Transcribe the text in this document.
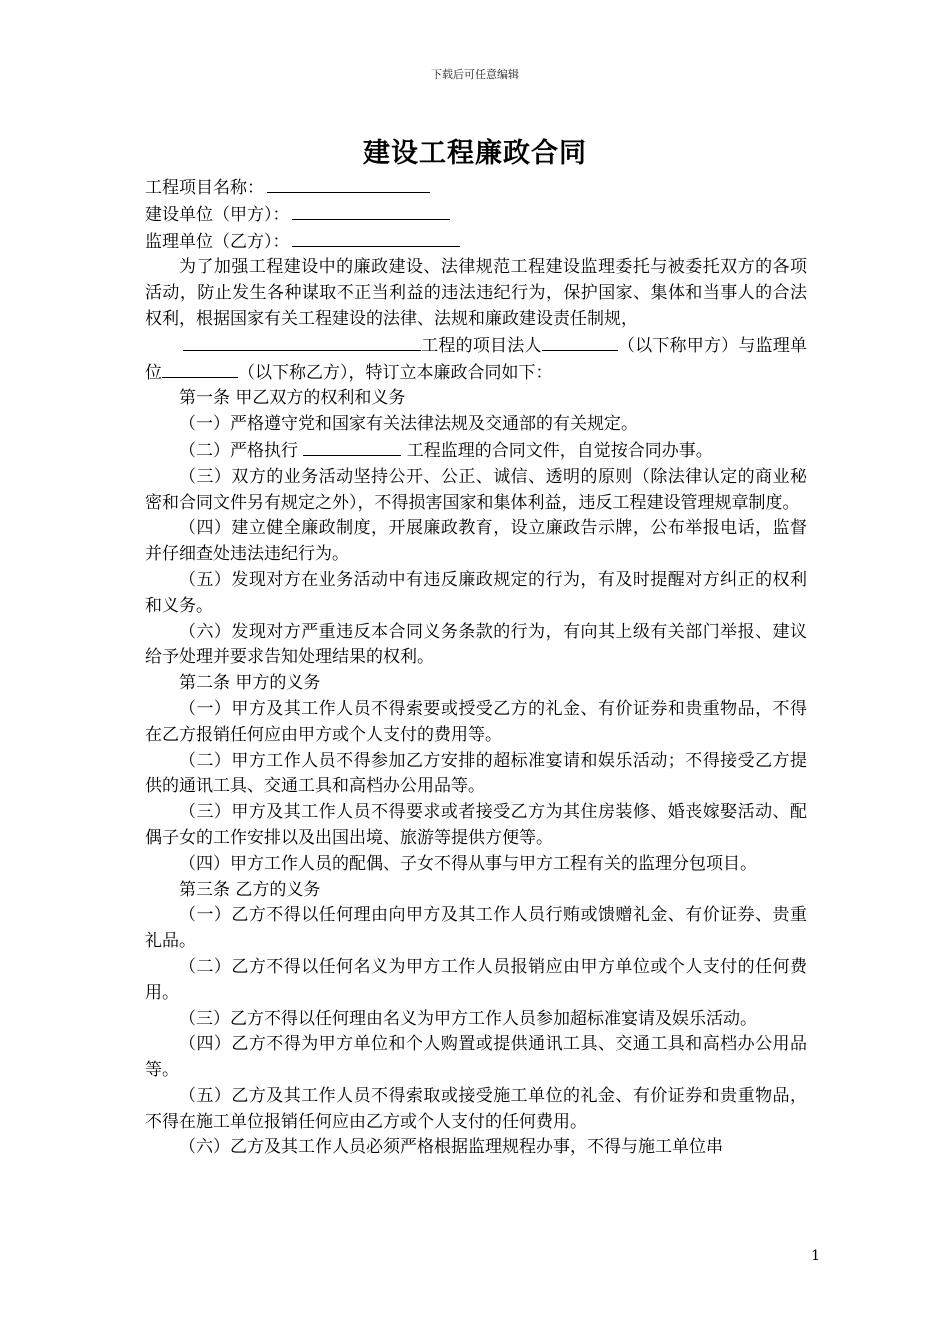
下载后可任意编辑
建设工程廉政合同
工程项目名称：
建设单位（甲方）：
监理单位（乙方）：
为了加强工程建设中的廉政建设、法律规范工程建设监理委托与被委托双方的各项活动，防止发生各种谋取不正当利益的违法违纪行为，保护国家、集体和当事人的合法权利，根据国家有关工程建设的法律、法规和廉政建设责任制规，
工程的项目法人	（以下称甲方）与监理单位	（以下称乙方），特订立本廉政合同如下：
第一条 甲乙双方的权利和义务
（一）严格遵守党和国家有关法律法规及交通部的有关规定。
（二）严格执行	工程监理的合同文件，自觉按合同办事。
（三）双方的业务活动坚持公开、公正、诚信、透明的原则（除法律认定的商业秘密和合同文件另有规定之外），不得损害国家和集体利益，违反工程建设管理规章制度。
（四）建立健全廉政制度，开展廉政教育，设立廉政告示牌，公布举报电话，监督并仔细查处违法违纪行为。
（五）发现对方在业务活动中有违反廉政规定的行为，有及时提醒对方纠正的权利和义务。
（六）发现对方严重违反本合同义务条款的行为，有向其上级有关部门举报、建议给予处理并要求告知处理结果的权利。
第二条 甲方的义务
（一）甲方及其工作人员不得索要或授受乙方的礼金、有价证券和贵重物品，不得在乙方报销任何应由甲方或个人支付的费用等。
（二）甲方工作人员不得参加乙方安排的超标准宴请和娱乐活动；不得接受乙方提供的通讯工具、交通工具和高档办公用品等。
（三）甲方及其工作人员不得要求或者接受乙方为其住房装修、婚丧嫁娶活动、配偶子女的工作安排以及出国出境、旅游等提供方便等。
（四）甲方工作人员的配偶、子女不得从事与甲方工程有关的监理分包项目。
第三条 乙方的义务
（一）乙方不得以任何理由向甲方及其工作人员行贿或馈赠礼金、有价证券、贵重礼品。
（二）乙方不得以任何名义为甲方工作人员报销应由甲方单位或个人支付的任何费用。
（三）乙方不得以任何理由名义为甲方工作人员参加超标准宴请及娱乐活动。
（四）乙方不得为甲方单位和个人购置或提供通讯工具、交通工具和高档办公用品等。
（五）乙方及其工作人员不得索取或接受施工单位的礼金、有价证券和贵重物品，不得在施工单位报销任何应由乙方或个人支付的任何费用。
（六）乙方及其工作人员必须严格根据监理规程办事，不得与施工单位串
1
